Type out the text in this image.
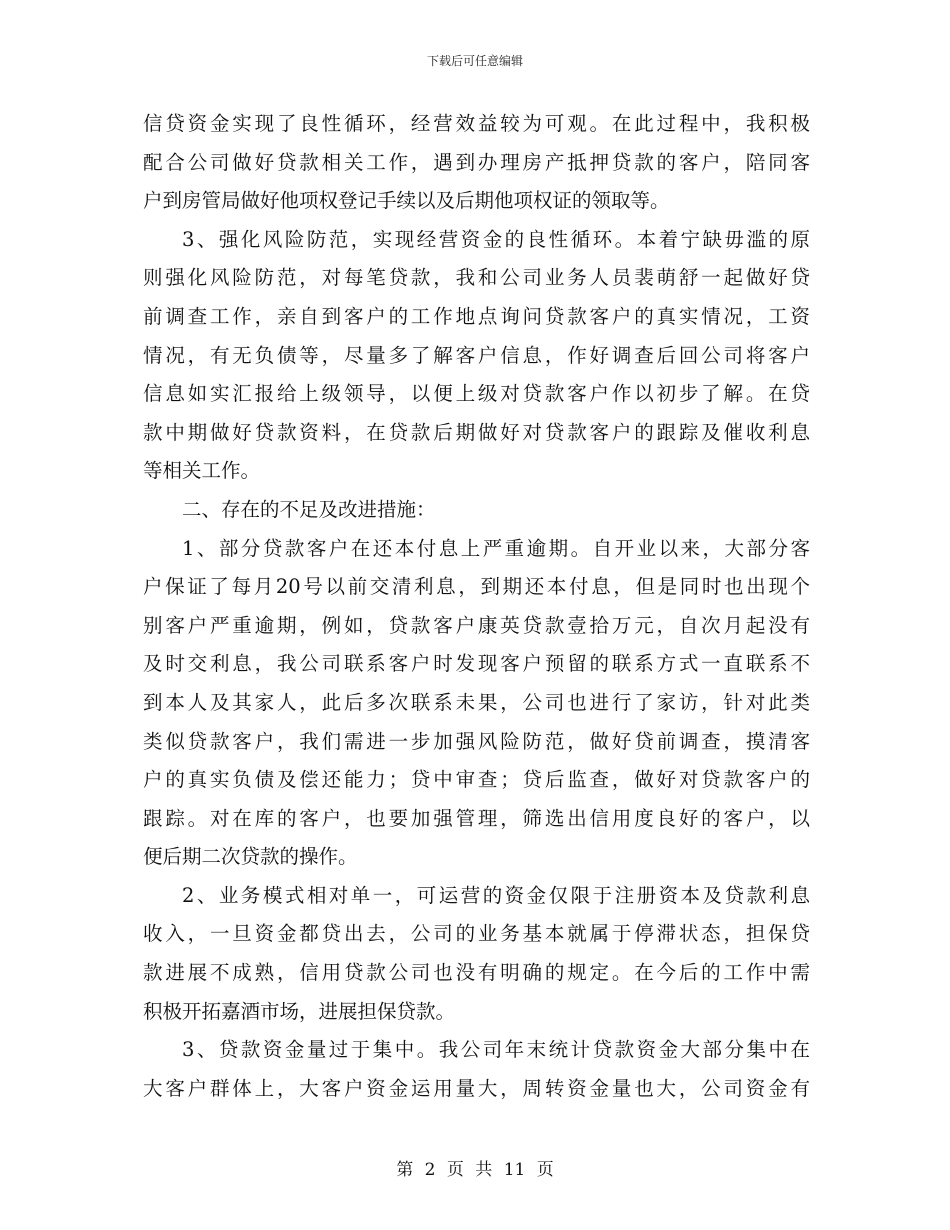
下载后可任意编辑
信贷资金实现了良性循环，经营效益较为可观。在此过程中，我积极
配合公司做好贷款相关工作，遇到办理房产抵押贷款的客户，陪同客
户到房管局做好他项权登记手续以及后期他项权证的领取等。
3、强化风险防范，实现经营资金的良性循环。本着宁缺毋滥的原
则强化风险防范，对每笔贷款，我和公司业务人员裴萌舒一起做好贷
前调查工作，亲自到客户的工作地点询问贷款客户的真实情况，工资
情况，有无负债等，尽量多了解客户信息，作好调查后回公司将客户
信息如实汇报给上级领导，以便上级对贷款客户作以初步了解。在贷
款中期做好贷款资料，在贷款后期做好对贷款客户的跟踪及催收利息
等相关工作。
二、存在的不足及改进措施：
1、部分贷款客户在还本付息上严重逾期。自开业以来，大部分客
户保证了每月20号以前交清利息，到期还本付息，但是同时也出现个
别客户严重逾期，例如，贷款客户康英贷款壹拾万元，自次月起没有
及时交利息，我公司联系客户时发现客户预留的联系方式一直联系不
到本人及其家人，此后多次联系未果，公司也进行了家访，针对此类
类似贷款客户，我们需进一步加强风险防范，做好贷前调查，摸清客
户的真实负债及偿还能力；贷中审查；贷后监查，做好对贷款客户的
跟踪。对在库的客户，也要加强管理，筛选出信用度良好的客户，以
便后期二次贷款的操作。
2、业务模式相对单一，可运营的资金仅限于注册资本及贷款利息
收入，一旦资金都贷出去，公司的业务基本就属于停滞状态，担保贷
款进展不成熟，信用贷款公司也没有明确的规定。在今后的工作中需
积极开拓嘉酒市场，进展担保贷款。
3、贷款资金量过于集中。我公司年末统计贷款资金大部分集中在
大客户群体上，大客户资金运用量大，周转资金量也大，公司资金有
第 2 页 共 11 页
